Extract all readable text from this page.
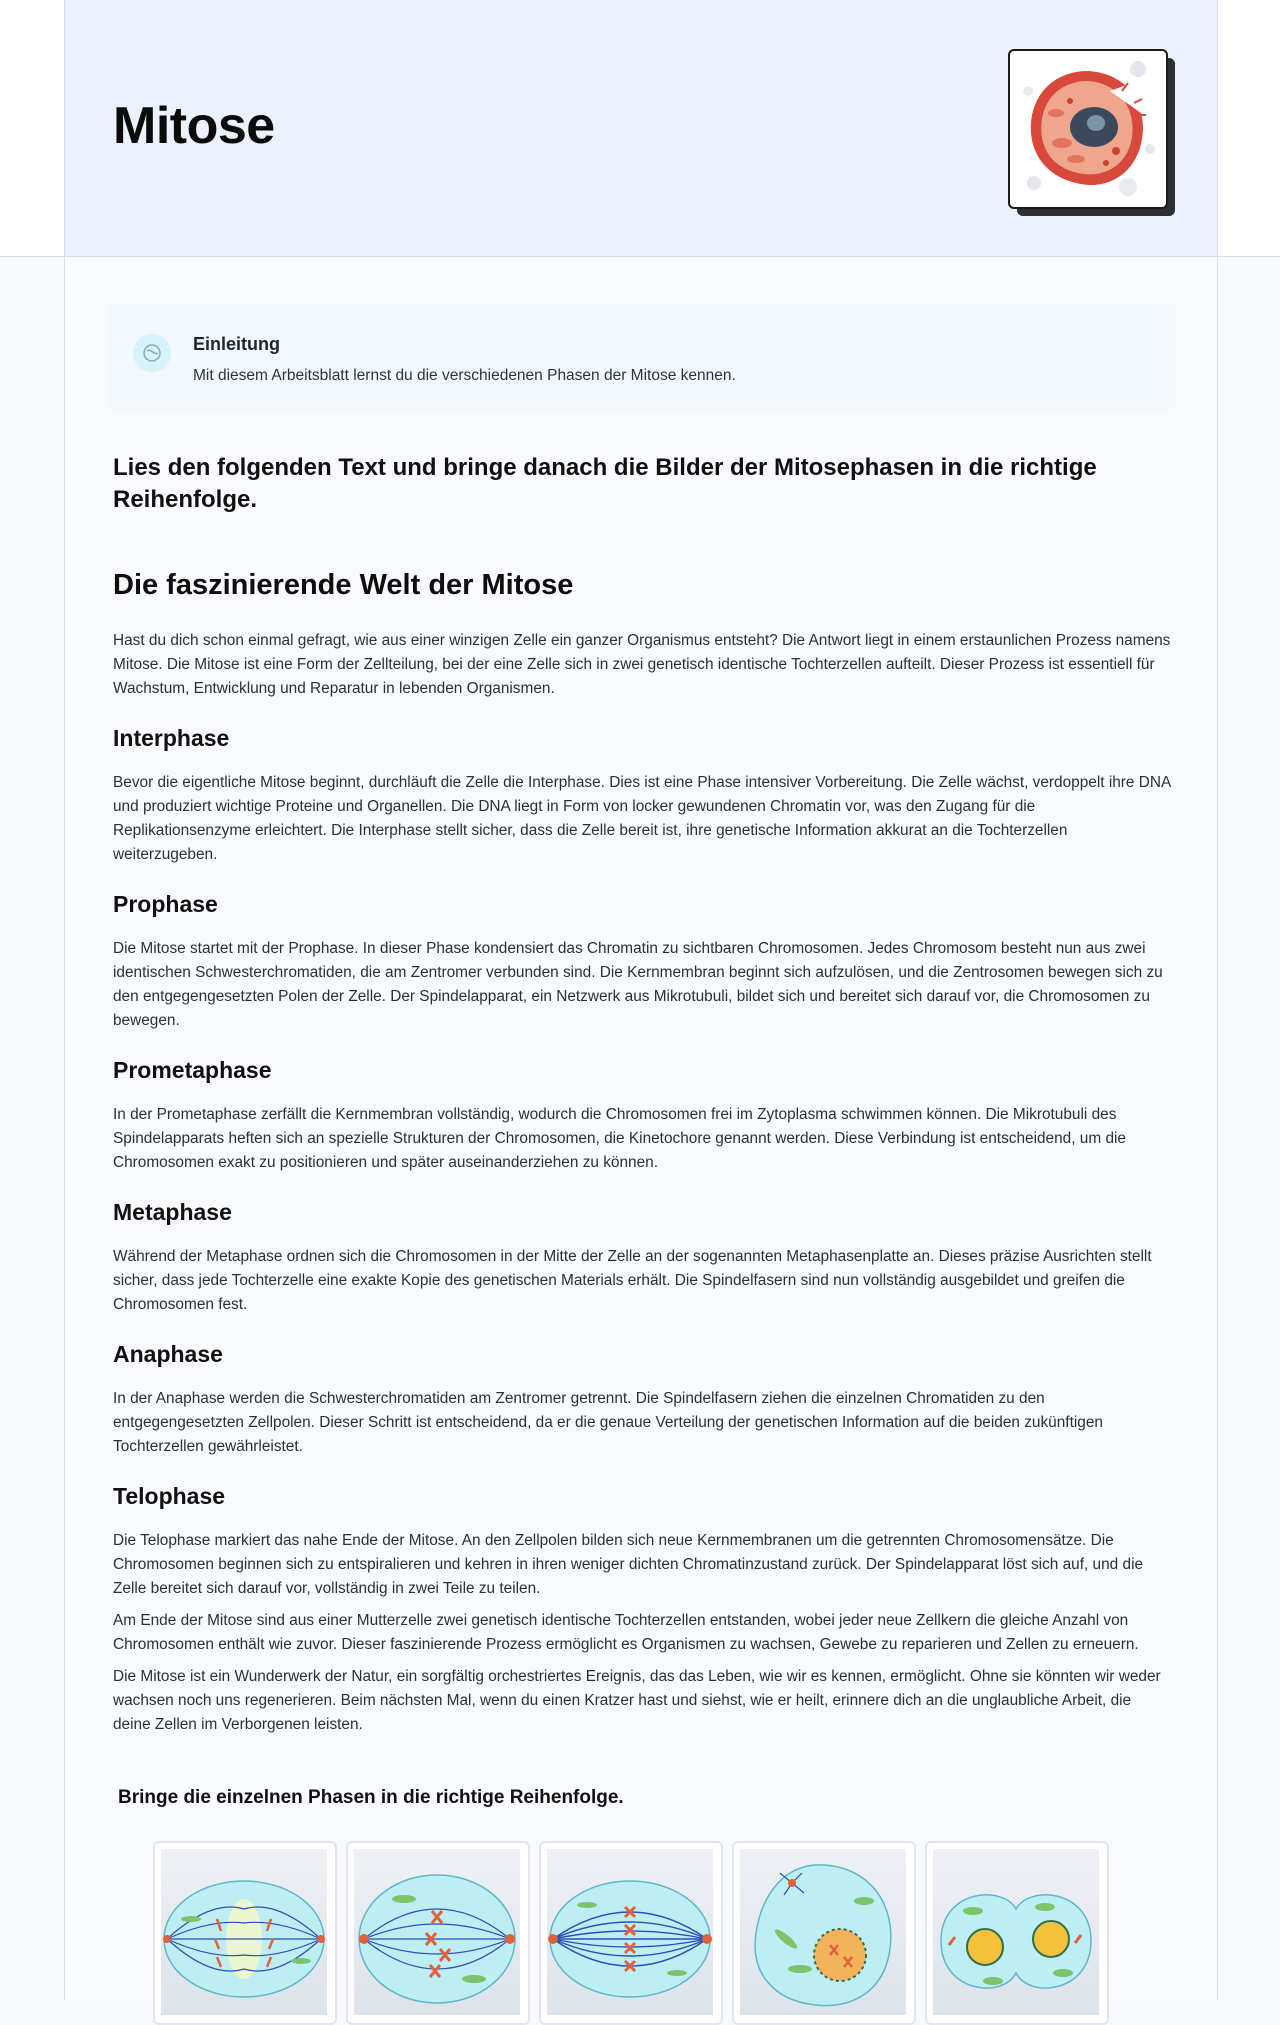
Mitose
Einleitung
Mit diesem Arbeitsblatt lernst du die verschiedenen Phasen der Mitose kennen.
Lies den folgenden Text und bringe danach die Bilder der Mitosephasen in die richtige Reihenfolge.
Die faszinierende Welt der Mitose

Hast du dich schon einmal gefragt, wie aus einer winzigen Zelle ein ganzer Organismus entsteht? Die Antwort liegt in einem erstaunlichen Prozess namens Mitose. Die Mitose ist eine Form der Zellteilung, bei der eine Zelle sich in zwei genetisch identische Tochterzellen aufteilt. Dieser Prozess ist essentiell für Wachstum, Entwicklung und Reparatur in lebenden Organismen.

Interphase

Bevor die eigentliche Mitose beginnt, durchläuft die Zelle die Interphase. Dies ist eine Phase intensiver Vorbereitung. Die Zelle wächst, verdoppelt ihre DNA und produziert wichtige Proteine und Organellen. Die DNA liegt in Form von locker gewundenen Chromatin vor, was den Zugang für die Replikationsenzyme erleichtert. Die Interphase stellt sicher, dass die Zelle bereit ist, ihre genetische Information akkurat an die Tochterzellen weiterzugeben.

Prophase

Die Mitose startet mit der Prophase. In dieser Phase kondensiert das Chromatin zu sichtbaren Chromosomen. Jedes Chromosom besteht nun aus zwei identischen Schwesterchromatiden, die am Zentromer verbunden sind. Die Kernmembran beginnt sich aufzulösen, und die Zentrosomen bewegen sich zu den entgegengesetzten Polen der Zelle. Der Spindelapparat, ein Netzwerk aus Mikrotubuli, bildet sich und bereitet sich darauf vor, die Chromosomen zu bewegen.

Prometaphase

In der Prometaphase zerfällt die Kernmembran vollständig, wodurch die Chromosomen frei im Zytoplasma schwimmen können. Die Mikrotubuli des Spindelapparats heften sich an spezielle Strukturen der Chromosomen, die Kinetochore genannt werden. Diese Verbindung ist entscheidend, um die Chromosomen exakt zu positionieren und später auseinanderziehen zu können.

Metaphase

Während der Metaphase ordnen sich die Chromosomen in der Mitte der Zelle an der sogenannten Metaphasenplatte an. Dieses präzise Ausrichten stellt sicher, dass jede Tochterzelle eine exakte Kopie des genetischen Materials erhält. Die Spindelfasern sind nun vollständig ausgebildet und greifen die Chromosomen fest.

Anaphase

In der Anaphase werden die Schwesterchromatiden am Zentromer getrennt. Die Spindelfasern ziehen die einzelnen Chromatiden zu den entgegengesetzten Zellpolen. Dieser Schritt ist entscheidend, da er die genaue Verteilung der genetischen Information auf die beiden zukünftigen Tochterzellen gewährleistet.

Telophase

Die Telophase markiert das nahe Ende der Mitose. An den Zellpolen bilden sich neue Kernmembranen um die getrennten Chromosomensätze. Die Chromosomen beginnen sich zu entspiralieren und kehren in ihren weniger dichten Chromatinzustand zurück. Der Spindelapparat löst sich auf, und die Zelle bereitet sich darauf vor, vollständig in zwei Teile zu teilen.

Am Ende der Mitose sind aus einer Mutterzelle zwei genetisch identische Tochterzellen entstanden, wobei jeder neue Zellkern die gleiche Anzahl von Chromosomen enthält wie zuvor. Dieser faszinierende Prozess ermöglicht es Organismen zu wachsen, Gewebe zu reparieren und Zellen zu erneuern.

Die Mitose ist ein Wunderwerk der Natur, ein sorgfältig orchestriertes Ereignis, das das Leben, wie wir es kennen, ermöglicht. Ohne sie könnten wir weder wachsen noch uns regenerieren. Beim nächsten Mal, wenn du einen Kratzer hast und siehst, wie er heilt, erinnere dich an die unglaubliche Arbeit, die deine Zellen im Verborgenen leisten.

Bringe die einzelnen Phasen in die richtige Reihenfolge.
